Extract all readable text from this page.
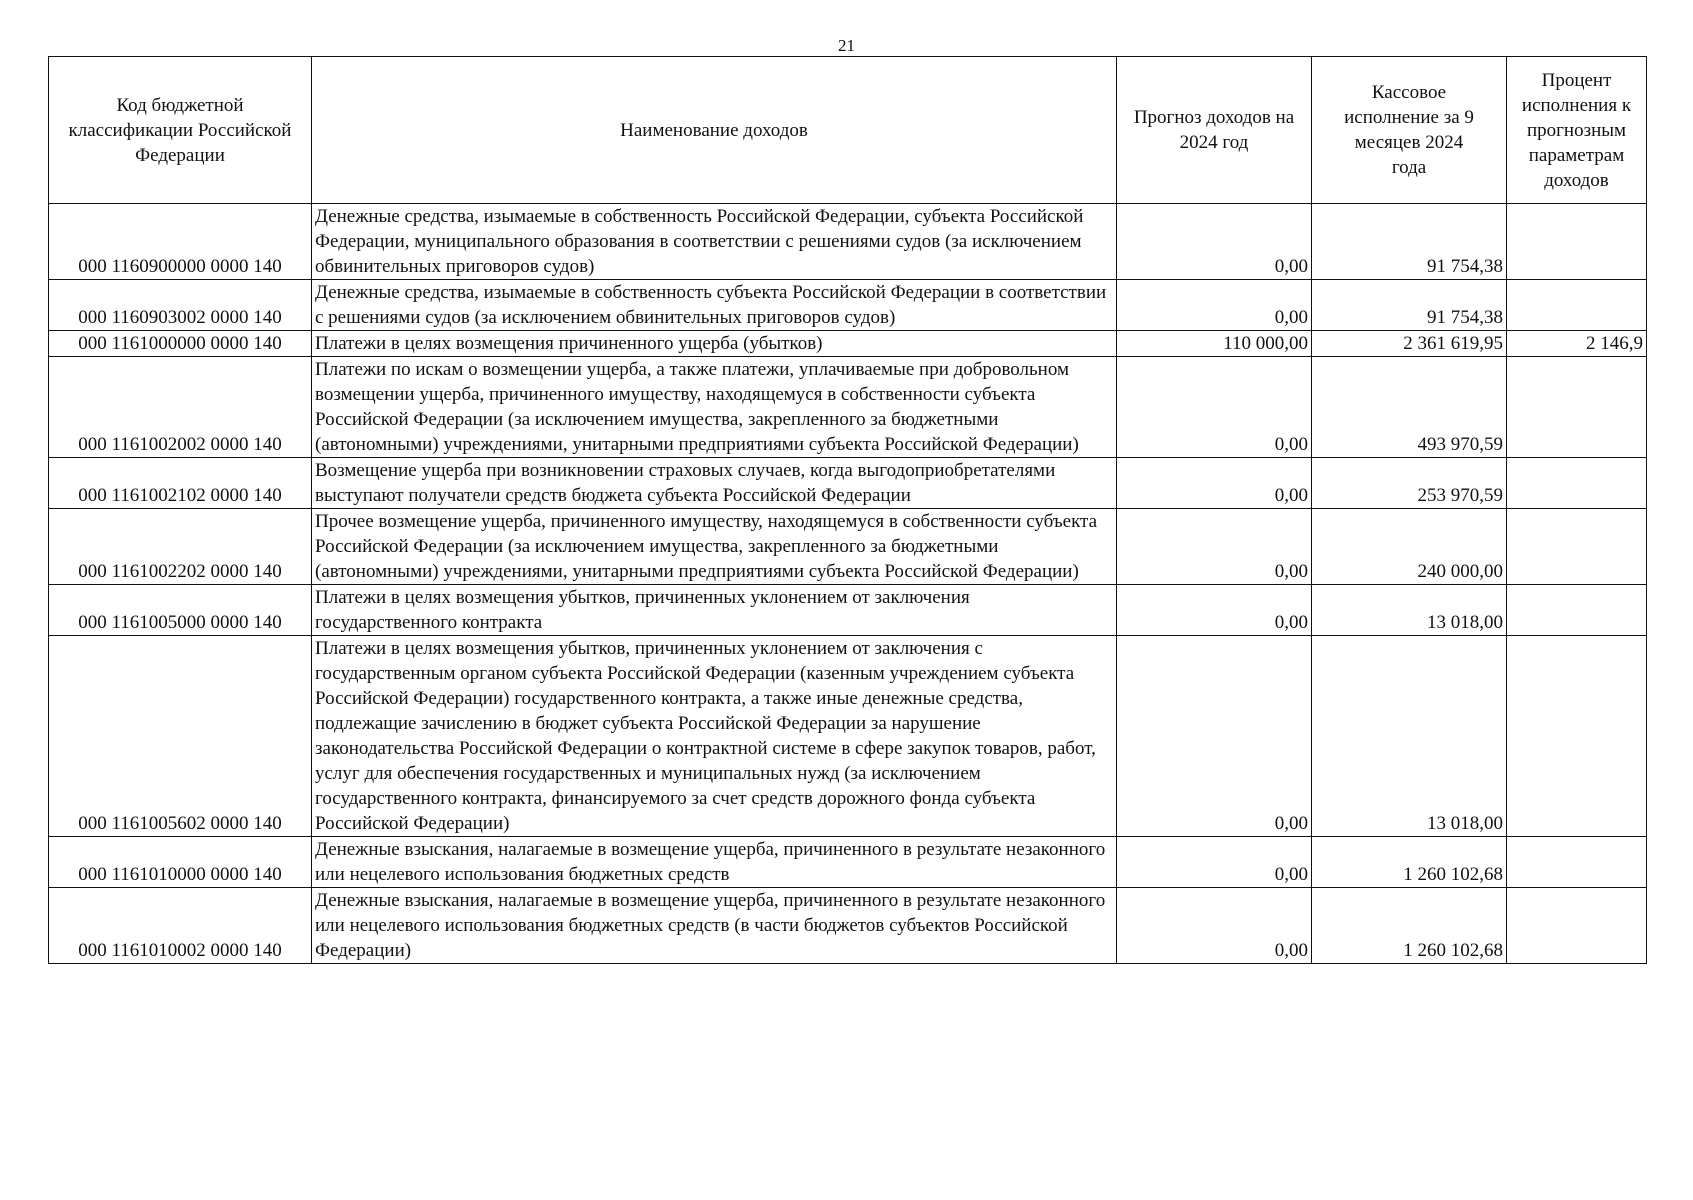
21
Код бюджетной классификации Российской Федерации	Наименование доходов	Прогноз доходов на 2024 год	Кассовое исполнение за 9 месяцев 2024 года	Процент исполнения к прогнозным параметрам доходов
000 1160900000 0000 140	Денежные средства, изымаемые в собственность Российской Федерации, субъекта Российской Федерации, муниципального образования в соответствии с решениями судов (за исключением обвинительных приговоров судов)	0,00	91 754,38	
000 1160903002 0000 140	Денежные средства, изымаемые в собственность субъекта Российской Федерации в соответствии с решениями судов (за исключением обвинительных приговоров судов)	0,00	91 754,38	
000 1161000000 0000 140	Платежи в целях возмещения причиненного ущерба (убытков)	110 000,00	2 361 619,95	2 146,9
000 1161002002 0000 140	Платежи по искам о возмещении ущерба, а также платежи, уплачиваемые при добровольном возмещении ущерба, причиненного имуществу, находящемуся в собственности субъекта Российской Федерации (за исключением имущества, закрепленного за бюджетными (автономными) учреждениями, унитарными предприятиями субъекта Российской Федерации)	0,00	493 970,59	
000 1161002102 0000 140	Возмещение ущерба при возникновении страховых случаев, когда выгодоприобретателями выступают получатели средств бюджета субъекта Российской Федерации	0,00	253 970,59	
000 1161002202 0000 140	Прочее возмещение ущерба, причиненного имуществу, находящемуся в собственности субъекта Российской Федерации (за исключением имущества, закрепленного за бюджетными (автономными) учреждениями, унитарными предприятиями субъекта Российской Федерации)	0,00	240 000,00	
000 1161005000 0000 140	Платежи в целях возмещения убытков, причиненных уклонением от заключения государственного контракта	0,00	13 018,00	
000 1161005602 0000 140	Платежи в целях возмещения убытков, причиненных уклонением от заключения с государственным органом субъекта Российской Федерации (казенным учреждением субъекта Российской Федерации) государственного контракта, а также иные денежные средства, подлежащие зачислению в бюджет субъекта Российской Федерации за нарушение законодательства Российской Федерации о контрактной системе в сфере закупок товаров, работ, услуг для обеспечения государственных и муниципальных нужд (за исключением государственного контракта, финансируемого за счет средств дорожного фонда субъекта Российской Федерации)	0,00	13 018,00	
000 1161010000 0000 140	Денежные взыскания, налагаемые в возмещение ущерба, причиненного в результате незаконного или нецелевого использования бюджетных средств	0,00	1 260 102,68	
000 1161010002 0000 140	Денежные взыскания, налагаемые в возмещение ущерба, причиненного в результате незаконного или нецелевого использования бюджетных средств (в части бюджетов субъектов Российской Федерации)	0,00	1 260 102,68	
